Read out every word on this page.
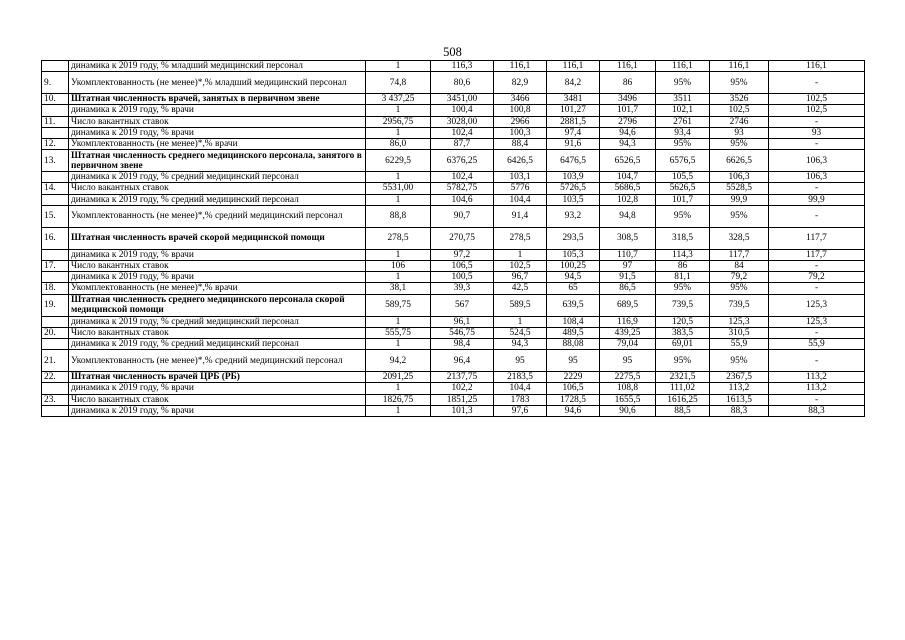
508
	динамика к 2019 году, % младший медицинский персонал	1	116,3	116,1	116,1	116,1	116,1	116,1	116,1
9.	Укомплектованность (не менее)*,% младший медицинский персонал	74,8	80,6	82,9	84,2	86	95%	95%	-
10.	Штатная численность врачей, занятых в первичном звене	3 437,25	3451,00	3466	3481	3496	3511	3526	102,5
	динамика к 2019 году, % врачи	1	100,4	100,8	101,27	101,7	102,1	102,5	102,5
11.	Число вакантных ставок	2956,75	3028,00	2966	2881,5	2796	2761	2746	-
	динамика к 2019 году, % врачи	1	102,4	100,3	97,4	94,6	93,4	93	93
12.	Укомплектованность (не менее)*,% врачи	86,0	87,7	88,4	91,6	94,3	95%	95%	-
13.	Штатная численность среднего медицинского персонала, занятого в первичном звене	6229,5	6376,25	6426,5	6476,5	6526,5	6576,5	6626,5	106,3
	динамика к 2019 году, % средний медицинский персонал	1	102,4	103,1	103,9	104,7	105,5	106,3	106,3
14.	Число вакантных ставок	5531,00	5782,75	5776	5726,5	5686,5	5626,5	5528,5	-
	динамика к 2019 году, % средний медицинский персонал	1	104,6	104,4	103,5	102,8	101,7	99,9	99,9
15.	Укомплектованность (не менее)*,% средний медицинский персонал	88,8	90,7	91,4	93,2	94,8	95%	95%	-
16.	Штатная численность врачей скорой медицинской помощи	278,5	270,75	278,5	293,5	308,5	318,5	328,5	117,7
	динамика к 2019 году, % врачи	1	97,2	1	105,3	110,7	114,3	117,7	117,7
17.	Число вакантных ставок	106	106,5	102,5	100,25	97	86	84	-
	динамика к 2019 году, % врачи	1	100,5	96,7	94,5	91,5	81,1	79,2	79,2
18.	Укомплектованность (не менее)*,% врачи	38,1	39,3	42,5	65	86,5	95%	95%	-
19.	Штатная численность среднего медицинского персонала скорой медицинской помощи	589,75	567	589,5	639,5	689,5	739,5	739,5	125,3
	динамика к 2019 году, % средний медицинский персонал	1	96,1	1	108,4	116,9	120,5	125,3	125,3
20.	Число вакантных ставок	555,75	546,75	524,5	489,5	439,25	383,5	310,5	-
	динамика к 2019 году, % средний медицинский персонал	1	98,4	94,3	88,08	79,04	69,01	55,9	55,9
21.	Укомплектованность (не менее)*,% средний медицинский персонал	94,2	96,4	95	95	95	95%	95%	-
22.	Штатная численность врачей ЦРБ (РБ)	2091,25	2137,75	2183,5	2229	2275,5	2321,5	2367,5	113,2
	динамика к 2019 году, % врачи	1	102,2	104,4	106,5	108,8	111,02	113,2	113,2
23.	Число вакантных ставок	1826,75	1851,25	1783	1728,5	1655,5	1616,25	1613,5	-
	динамика к 2019 году, % врачи	1	101,3	97,6	94,6	90,6	88,5	88,3	88,3
